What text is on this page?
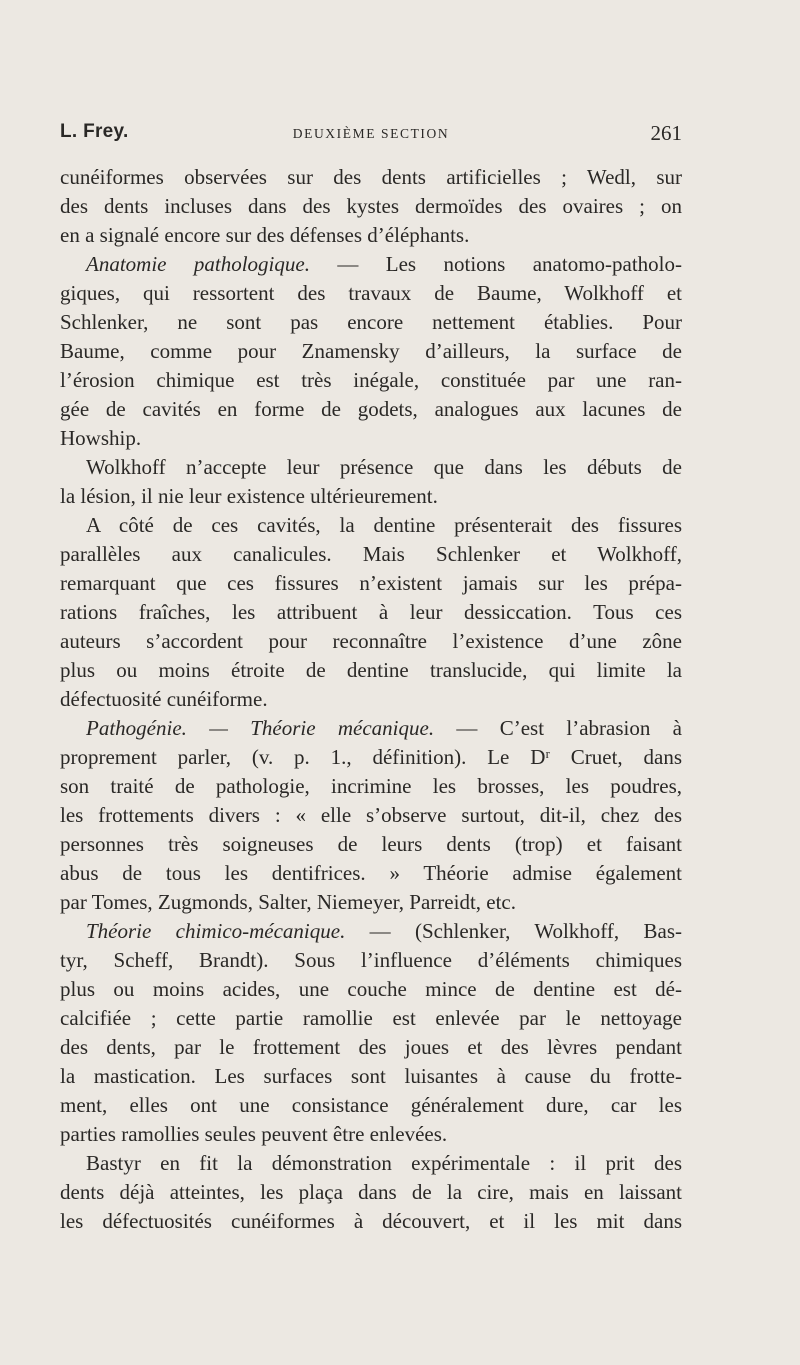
L. Frey.	DEUXIÈME SECTION	261
cunéiformes observées sur des dents artificielles ; Wedl, sur
des dents incluses dans des kystes dermoïdes des ovaires ; on
en a signalé encore sur des défenses d’éléphants.
Anatomie pathologique. — Les notions anatomo-patholo-
giques, qui ressortent des travaux de Baume, Wolkhoff et
Schlenker, ne sont pas encore nettement établies. Pour
Baume, comme pour Znamensky d’ailleurs, la surface de
l’érosion chimique est très inégale, constituée par une ran-
gée de cavités en forme de godets, analogues aux lacunes de
Howship.
Wolkhoff n’accepte leur présence que dans les débuts de
la lésion, il nie leur existence ultérieurement.
A côté de ces cavités, la dentine présenterait des fissures
parallèles aux canalicules. Mais Schlenker et Wolkhoff,
remarquant que ces fissures n’existent jamais sur les prépa-
rations fraîches, les attribuent à leur dessiccation. Tous ces
auteurs s’accordent pour reconnaître l’existence d’une zône
plus ou moins étroite de dentine translucide, qui limite la
défectuosité cunéiforme.
Pathogénie. — Théorie mécanique. — C’est l’abrasion à
proprement parler, (v. p. 1., définition). Le Dʳ Cruet, dans
son traité de pathologie, incrimine les brosses, les poudres,
les frottements divers : « elle s’observe surtout, dit-il, chez des
personnes très soigneuses de leurs dents (trop) et faisant
abus de tous les dentifrices. » Théorie admise également
par Tomes, Zugmonds, Salter, Niemeyer, Parreidt, etc.
Théorie chimico-mécanique. — (Schlenker, Wolkhoff, Bas-
tyr, Scheff, Brandt). Sous l’influence d’éléments chimiques
plus ou moins acides, une couche mince de dentine est dé-
calcifiée ; cette partie ramollie est enlevée par le nettoyage
des dents, par le frottement des joues et des lèvres pendant
la mastication. Les surfaces sont luisantes à cause du frotte-
ment, elles ont une consistance généralement dure, car les
parties ramollies seules peuvent être enlevées.
Bastyr en fit la démonstration expérimentale : il prit des
dents déjà atteintes, les plaça dans de la cire, mais en laissant
les défectuosités cunéiformes à découvert, et il les mit dans
